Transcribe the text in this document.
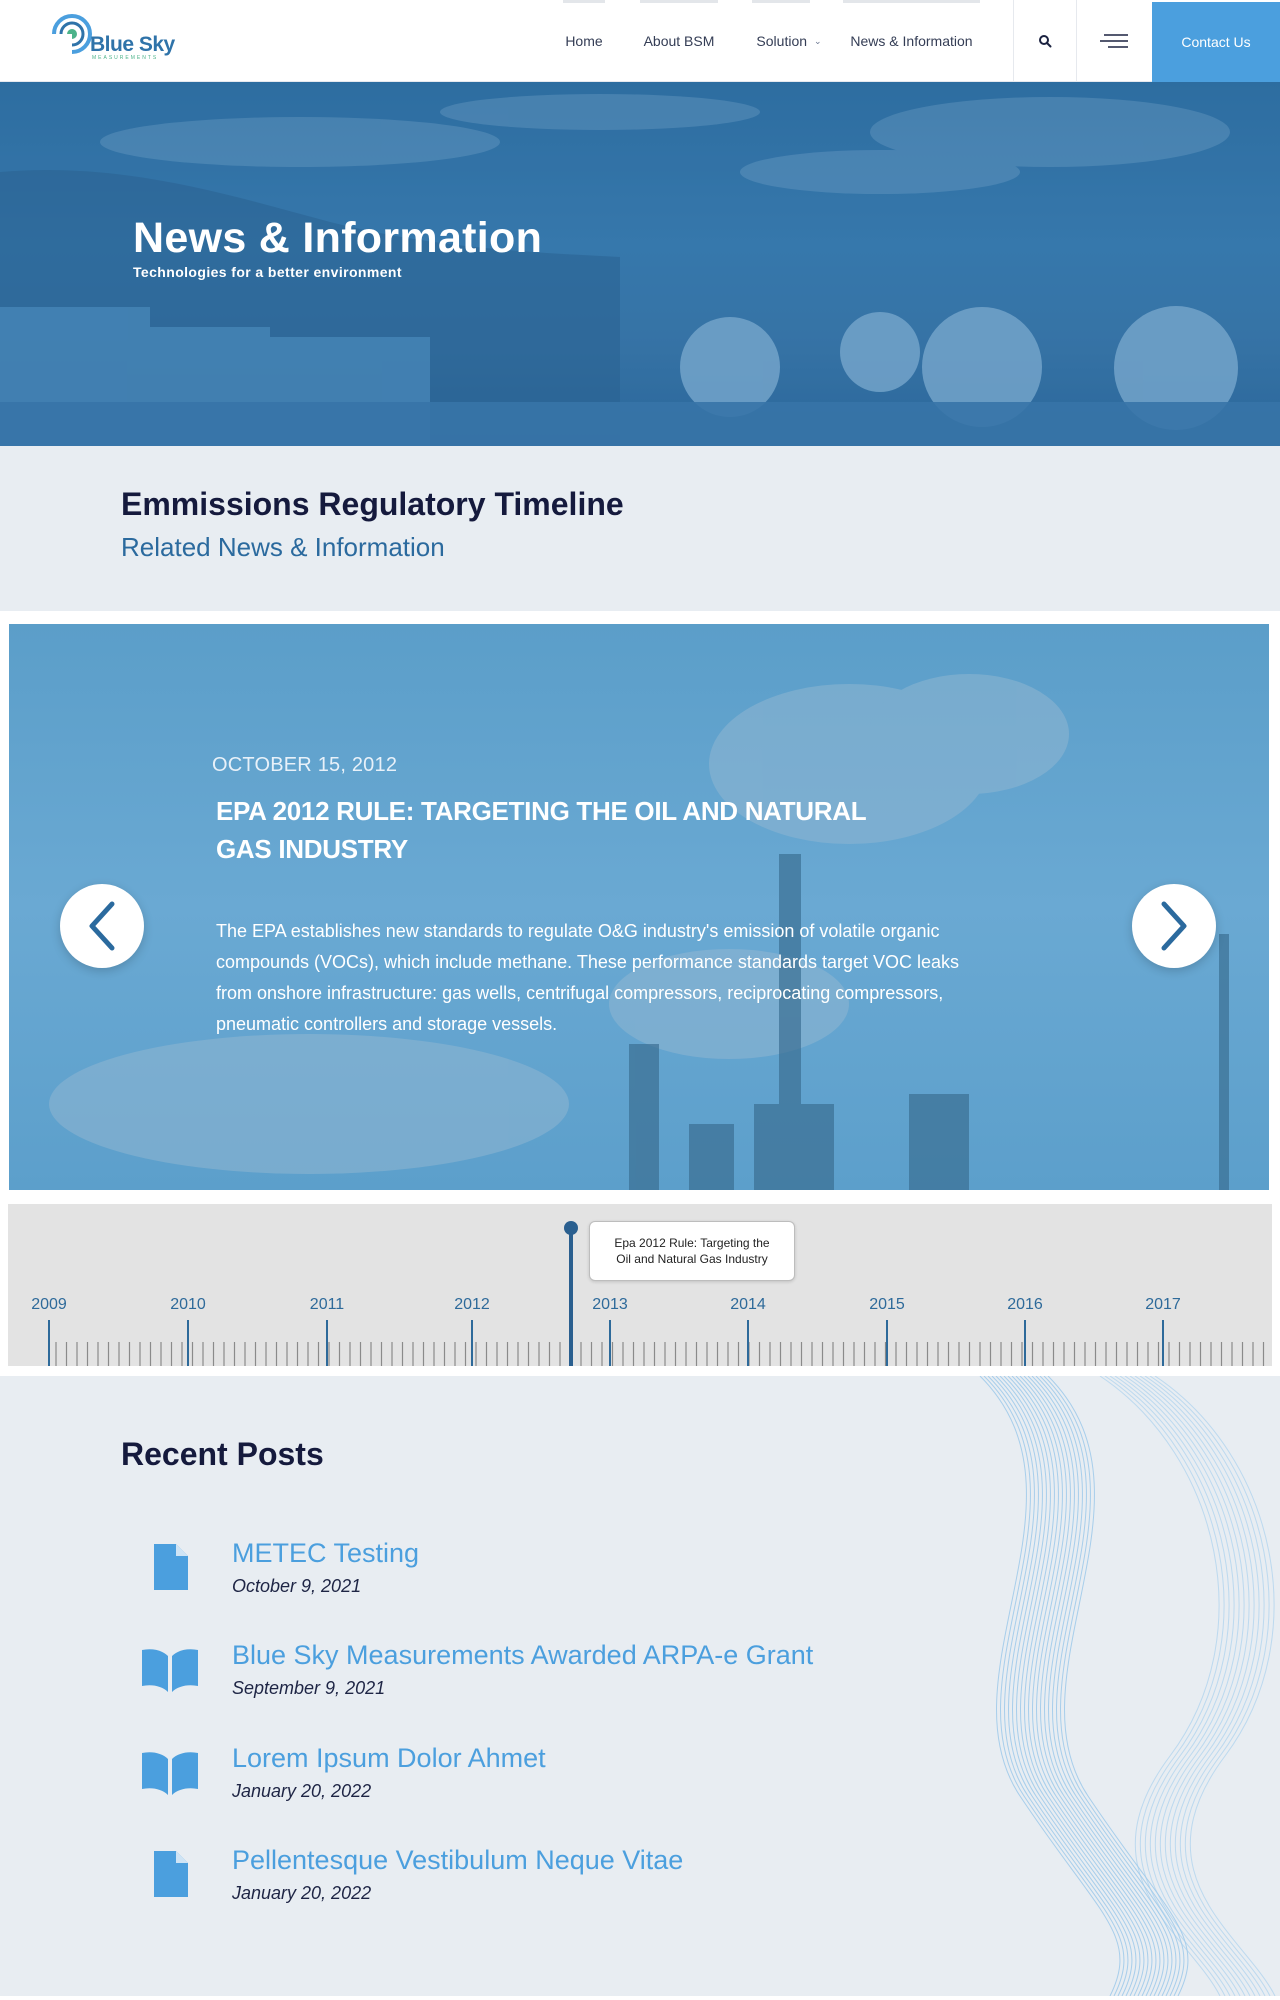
Blue Sky
MEASUREMENTS
Home	About BSM	Solution ⌄ News & Information	Contact Us
News & Information

Technologies for a better environment

Emmissions Regulatory Timeline

Related News & Information

OCTOBER 15, 2012

EPA 2012 RULE: TARGETING THE OIL AND NATURAL GAS INDUSTRY

The EPA establishes new standards to regulate O&G industry's emission of volatile organic compounds (VOCs), which include methane. These performance standards target VOC leaks from onshore infrastructure: gas wells, centrifugal compressors, reciprocating compressors, pneumatic controllers and storage vessels.

2009	2010	2011	2012	2013	2014	2015	2016	2017
Epa 2012 Rule: Targeting the
Oil and Natural Gas Industry
Recent Posts
METEC Testing
October 9, 2021
Blue Sky Measurements Awarded ARPA-e Grant
September 9, 2021
Lorem Ipsum Dolor Ahmet
January 20, 2022
Pellentesque Vestibulum Neque Vitae
January 20, 2022
